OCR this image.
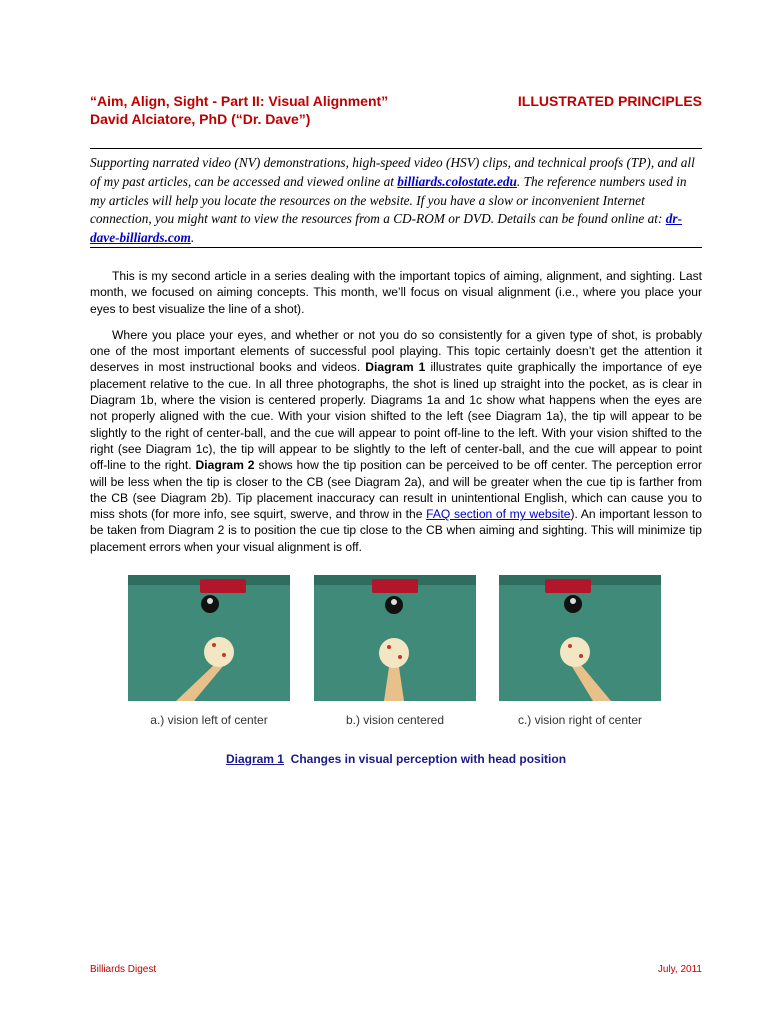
“Aim, Align, Sight - Part II: Visual Alignment”	ILLUSTRATED PRINCIPLES
David Alciatore, PhD (“Dr. Dave”)
Supporting narrated video (NV) demonstrations, high-speed video (HSV) clips, and technical proofs (TP), and all of my past articles, can be accessed and viewed online at billiards.colostate.edu. The reference numbers used in my articles will help you locate the resources on the website. If you have a slow or inconvenient Internet connection, you might want to view the resources from a CD-ROM or DVD. Details can be found online at: dr-dave-billiards.com.

This is my second article in a series dealing with the important topics of aiming, alignment, and sighting. Last month, we focused on aiming concepts. This month, we’ll focus on visual alignment (i.e., where you place your eyes to best visualize the line of a shot).

Where you place your eyes, and whether or not you do so consistently for a given type of shot, is probably one of the most important elements of successful pool playing. This topic certainly doesn’t get the attention it deserves in most instructional books and videos. Diagram 1 illustrates quite graphically the importance of eye placement relative to the cue. In all three photographs, the shot is lined up straight into the pocket, as is clear in Diagram 1b, where the vision is centered properly. Diagrams 1a and 1c show what happens when the eyes are not properly aligned with the cue. With your vision shifted to the left (see Diagram 1a), the tip will appear to be slightly to the right of center-ball, and the cue will appear to point off-line to the left. With your vision shifted to the right (see Diagram 1c), the tip will appear to be slightly to the left of center-ball, and the cue will appear to point off-line to the right. Diagram 2 shows how the tip position can be perceived to be off center. The perception error will be less when the tip is closer to the CB (see Diagram 2a), and will be greater when the cue tip is farther from the CB (see Diagram 2b). Tip placement inaccuracy can result in unintentional English, which can cause you to miss shots (for more info, see squirt, swerve, and throw in the FAQ section of my website). An important lesson to be taken from Diagram 2 is to position the cue tip close to the CB when aiming and sighting. This will minimize tip placement errors when your visual alignment is off.

a.) vision left of center	b.) vision centered	c.) vision right of center
Diagram 1 Changes in visual perception with head position
Billiards Digest	July, 2011
